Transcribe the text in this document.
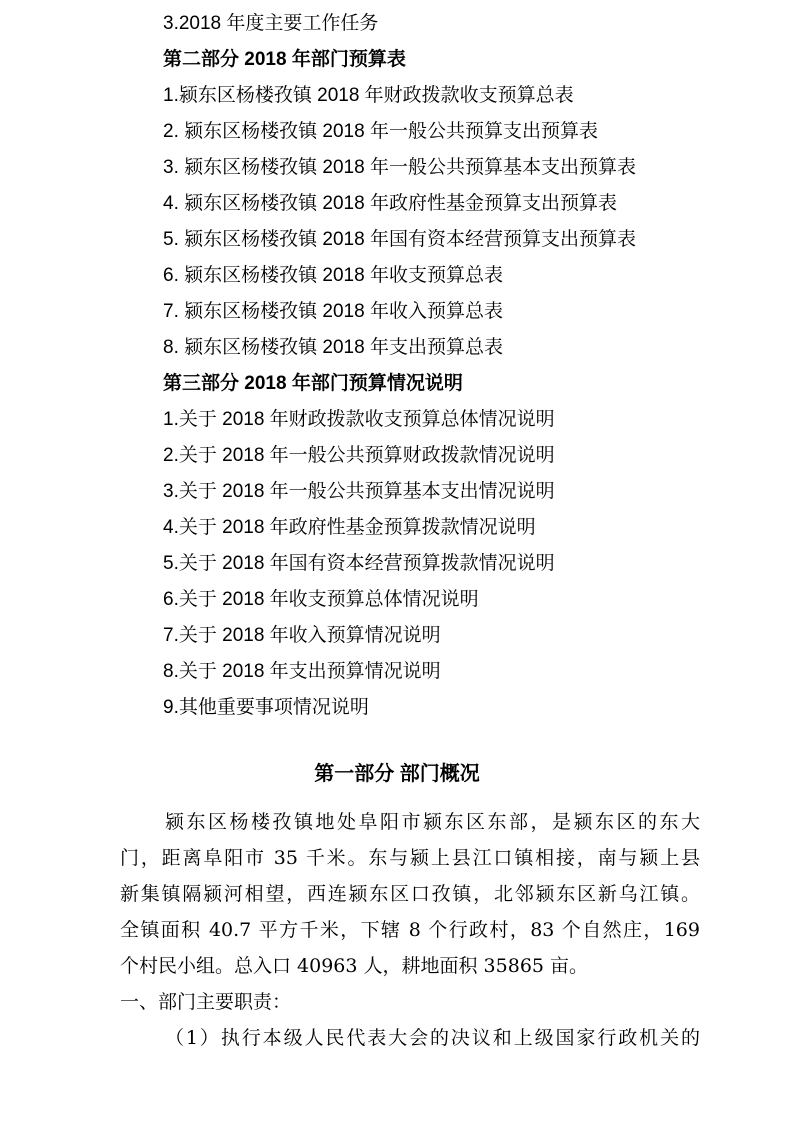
3.2018 年度主要工作任务
第二部分 2018 年部门预算表
1.颍东区杨楼孜镇 2018 年财政拨款收支预算总表
2. 颍东区杨楼孜镇 2018 年一般公共预算支出预算表
3. 颍东区杨楼孜镇 2018 年一般公共预算基本支出预算表
4. 颍东区杨楼孜镇 2018 年政府性基金预算支出预算表
5. 颍东区杨楼孜镇 2018 年国有资本经营预算支出预算表
6. 颍东区杨楼孜镇 2018 年收支预算总表
7. 颍东区杨楼孜镇 2018 年收入预算总表
8. 颍东区杨楼孜镇 2018 年支出预算总表
第三部分 2018 年部门预算情况说明
1.关于 2018 年财政拨款收支预算总体情况说明
2.关于 2018 年一般公共预算财政拨款情况说明
3.关于 2018 年一般公共预算基本支出情况说明
4.关于 2018 年政府性基金预算拨款情况说明
5.关于 2018 年国有资本经营预算拨款情况说明
6.关于 2018 年收支预算总体情况说明
7.关于 2018 年收入预算情况说明
8.关于 2018 年支出预算情况说明
9.其他重要事项情况说明
第一部分 部门概况
颍东区杨楼孜镇地处阜阳市颍东区东部，是颍东区的东大
门，距离阜阳市 35 千米。东与颍上县江口镇相接，南与颍上县
新集镇隔颍河相望，西连颍东区口孜镇，北邻颍东区新乌江镇。
全镇面积 40.7 平方千米，下辖 8 个行政村，83 个自然庄，169
个村民小组。总入口 40963 人，耕地面积 35865 亩。
一、部门主要职责：
（1）执行本级人民代表大会的决议和上级国家行政机关的
